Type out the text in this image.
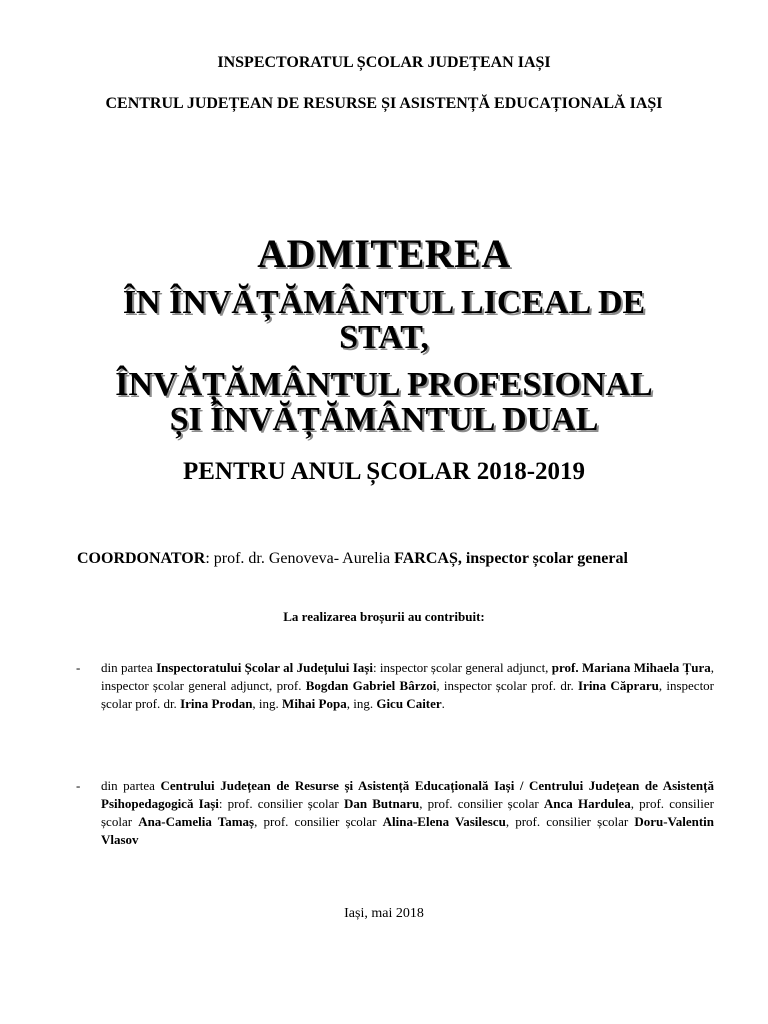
INSPECTORATUL ȘCOLAR JUDEȚEAN IAȘI
CENTRUL JUDEȚEAN DE RESURSE ȘI ASISTENȚĂ EDUCAȚIONALĂ IAȘI
ADMITEREA
ÎN ÎNVĂȚĂMÂNTUL LICEAL DE
STAT,
ÎNVĂȚĂMÂNTUL PROFESIONAL
ȘI ÎNVĂȚĂMÂNTUL DUAL
PENTRU ANUL ȘCOLAR 2018-2019
COORDONATOR: prof. dr. Genoveva- Aurelia FARCAȘ, inspector școlar general
La realizarea broșurii au contribuit:
- din partea Inspectoratului Școlar al Județului Iași: inspector școlar general adjunct, prof. Mariana Mihaela Țura, inspector școlar general adjunct, prof. Bogdan Gabriel Bârzoi, inspector școlar prof. dr. Irina Căpraru, inspector școlar prof. dr. Irina Prodan, ing. Mihai Popa, ing. Gicu Caiter.
- din partea Centrului Județean de Resurse și Asistență Educațională Iași / Centrului Județean de Asistență Psihopedagogică Iași: prof. consilier școlar Dan Butnaru, prof. consilier școlar Anca Hardulea, prof. consilier școlar Ana-Camelia Tamaș, prof. consilier școlar Alina-Elena Vasilescu, prof. consilier școlar Doru-Valentin Vlasov
Iași, mai 2018
